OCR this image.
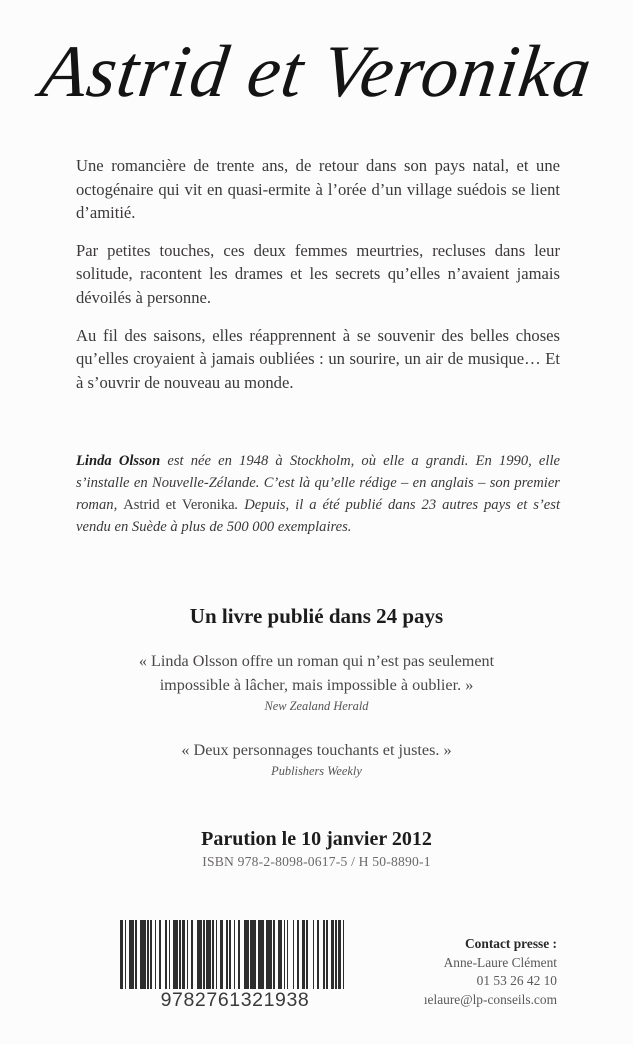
Astrid et Veronika

Une romancière de trente ans, de retour dans son pays natal, et une octogénaire qui vit en quasi-ermite à l’orée d’un village suédois se lient d’amitié.

Par petites touches, ces deux femmes meurtries, recluses dans leur solitude, racontent les drames et les secrets qu’elles n’avaient jamais dévoilés à personne.

Au fil des saisons, elles réapprennent à se souvenir des belles choses qu’elles croyaient à jamais oubliées : un sourire, un air de musique… Et à s’ouvrir de nouveau au monde.

Linda Olsson est née en 1948 à Stockholm, où elle a grandi. En 1990, elle s’installe en Nouvelle-Zélande. C’est là qu’elle rédige – en anglais – son premier roman, Astrid et Veronika. Depuis, il a été publié dans 23 autres pays et s’est vendu en Suède à plus de 500 000 exemplaires.

Un livre publié dans 24 pays
« Linda Olsson offre un roman qui n’est pas seulement
impossible à lâcher, mais impossible à oublier. »
New Zealand Herald
« Deux personnages touchants et justes. »
Publishers Weekly
Parution le 10 janvier 2012
ISBN 978-2-8098-0617-5 / H 50-8890-1
9782761321938
Contact presse :
Anne-Laure Clément
01 53 26 42 10
ıelaure@lp-conseils.com
